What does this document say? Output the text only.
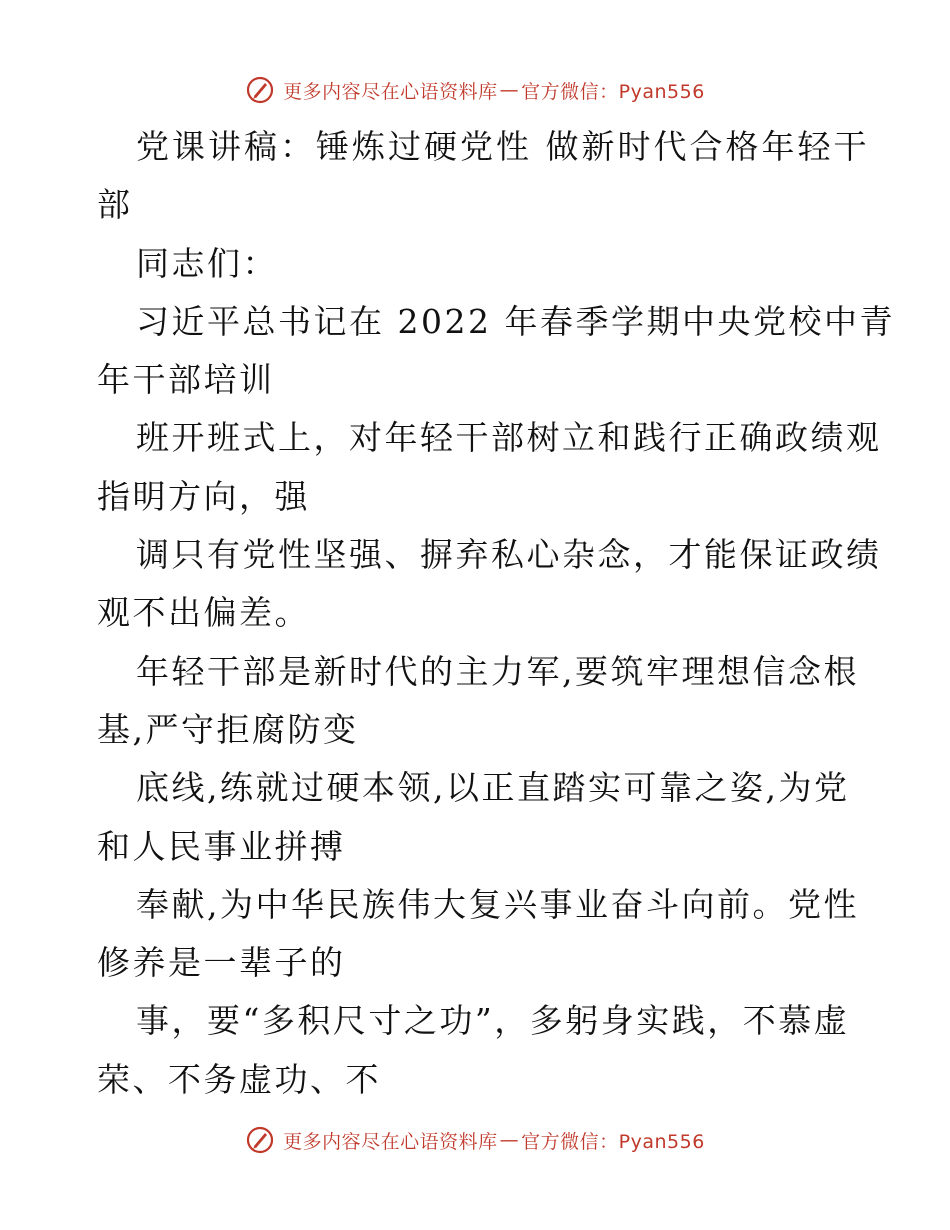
更多内容尽在心语资料库 — 官方微信：Pyan556
党课讲稿：锤炼过硬党性 做新时代合格年轻干
部
同志们：
习近平总书记在 2022 年春季学期中央党校中青
年干部培训
班开班式上，对年轻干部树立和践行正确政绩观
指明方向，强
调只有党性坚强、摒弃私心杂念，才能保证政绩
观不出偏差。
年轻干部是新时代的主力军,要筑牢理想信念根
基,严守拒腐防变
底线,练就过硬本领,以正直踏实可靠之姿,为党
和人民事业拼搏
奉献,为中华民族伟大复兴事业奋斗向前。党性
修养是一辈子的
事，要“多积尺寸之功”，多躬身实践，不慕虚
荣、不务虚功、不
更多内容尽在心语资料库 — 官方微信：Pyan556
